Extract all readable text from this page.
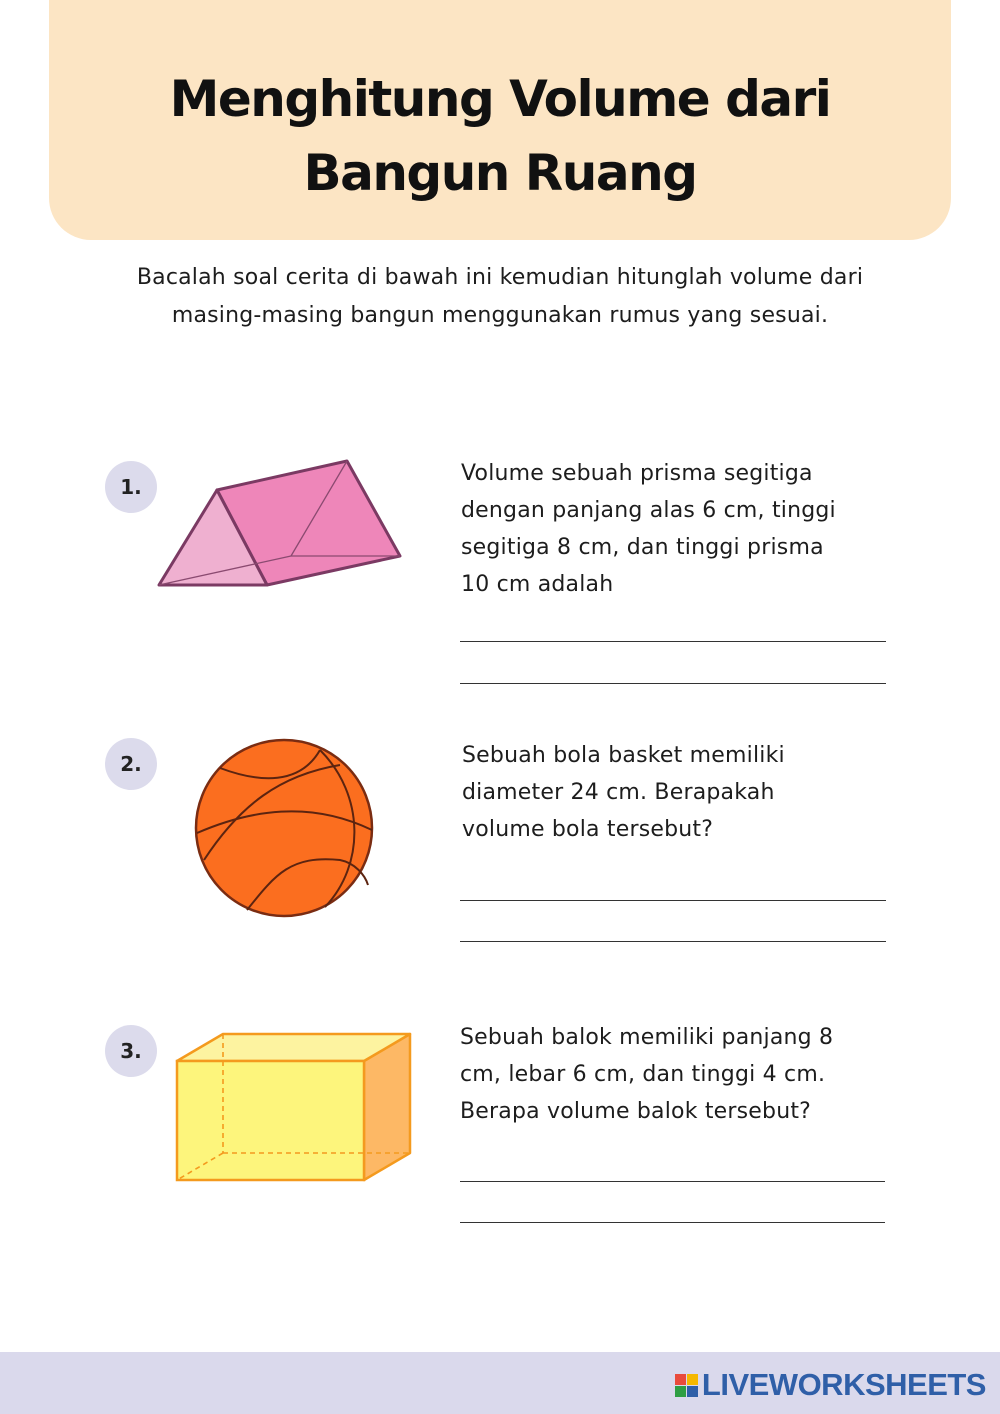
Menghitung Volume dari
Bangun Ruang
Bacalah soal cerita di bawah ini kemudian hitunglah volume dari
masing-masing bangun menggunakan rumus yang sesuai.
1.
Volume sebuah prisma segitiga
dengan panjang alas 6 cm, tinggi
segitiga 8 cm, dan tinggi prisma
10 cm adalah
2.	Sebuah bola basket memiliki
diameter 24 cm. Berapakah
volume bola tersebut?
3.
Sebuah balok memiliki panjang 8
cm, lebar 6 cm, dan tinggi 4 cm.
Berapa volume balok tersebut?
LIVEWORKSHEETS
